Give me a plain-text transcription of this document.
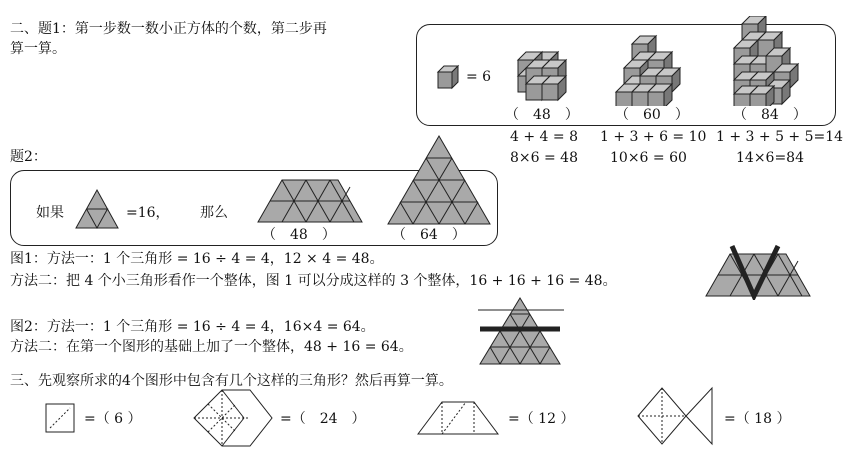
二、题1：第一步数一数小正方体的个数，第二步再
算一算。
= 6
（　48　）	（　60　）	（　84　）
4 + 4 = 8 1 + 3 + 6 = 10 1 + 3 + 5 + 5=14
8×6 = 48 10×6 = 60	14×6=84
题2：
如果	=16， 那么
（　48　）	（　64　）
图1：方法一：1 个三角形 = 16 ÷ 4 = 4，12 × 4 = 48。
方法二：把 4 个小三角形看作一个整体，图 1 可以分成这样的 3 个整体，16 + 16 + 16 = 48。
图2：方法一：1 个三角形 = 16 ÷ 4 = 4，16×4 = 64。
方法二：在第一个图形的基础上加了一个整体，48 + 16 = 64。
三、先观察所求的4个图形中包含有几个这样的三角形？然后再算一算。
=（ 6 ）	=（　24　）	=（ 12 ）	=（ 18 ）
